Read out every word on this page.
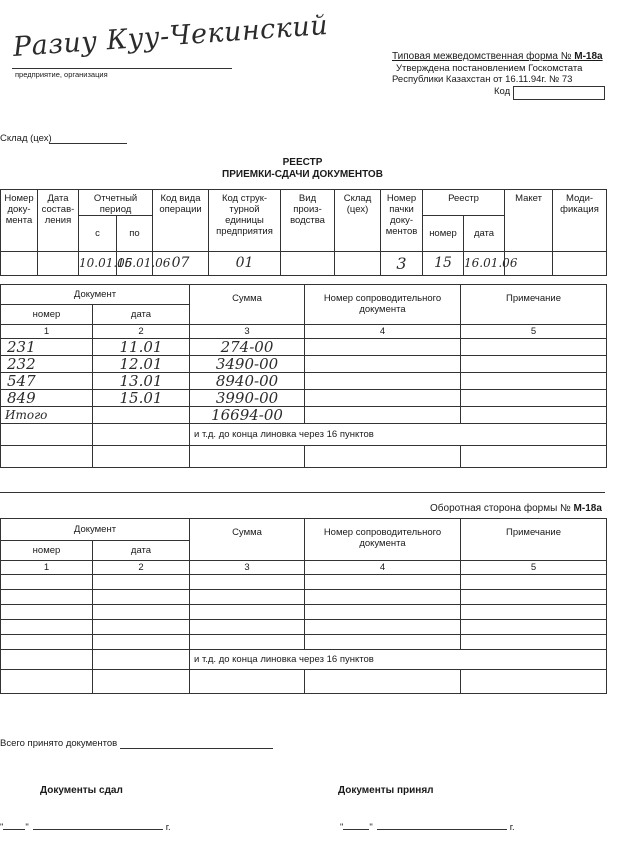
Разиу Куу-Чекинский
предприятие, организация
Типовая межведомственная форма № М-18а
Утверждена постановлением Госкомстата
Республики Казахстан от 16.11.94г. № 73
Код
Склад (цех)
РЕЕСТР
ПРИЕМКИ-СДАЧИ ДОКУМЕНТОВ
Номер доку-мента	Дата состав-ления	Отчетный период		Код вида операции	Код струк-турной единицы предприятия	Вид произ-водства	Склад (цех)	Номер пачки доку-ментов	Реестр		Макет	Моди-фикация
		с	по						номер	дата		
		10.01.06	15.01.06	07	01			3	15	16.01.06		
Документ		Сумма	Номер сопроводительного документа	Примечание
номер	дата			
1	2	3	4	5
231	11.01	274-00		
232	12.01	3490-00		
547	13.01	8940-00		
849	15.01	3990-00		
Итого		16694-00		
		и т.д. до конца линовка через 16 пунктов		

Оборотная сторона формы № М-18а
Документ		Сумма	Номер сопроводительного документа	Примечание
номер	дата			
1	2	3	4	5

		и т.д. до конца линовка через 16 пунктов		

Всего принято документов
Документы сдал	Документы принял
" "	г.	"	"	г.
